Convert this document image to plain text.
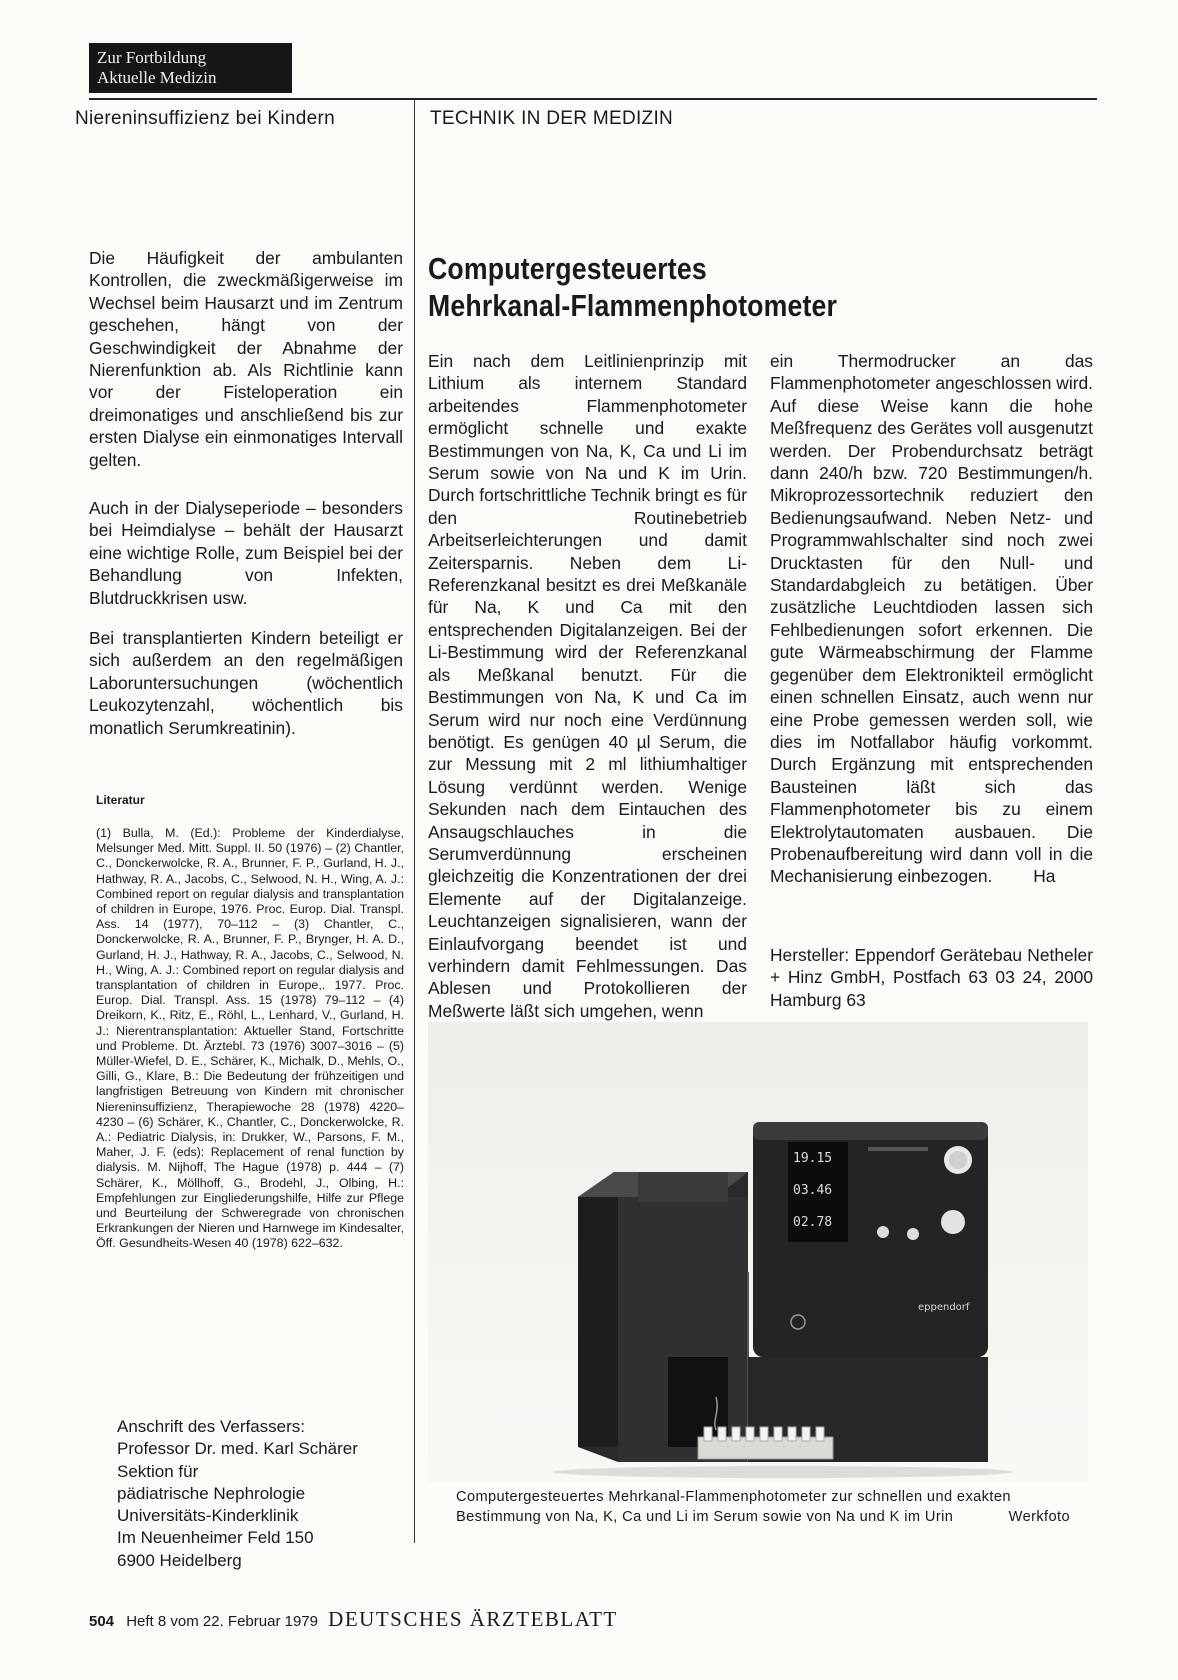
Zur Fortbildung
Aktuelle Medizin
Niereninsuffizienz bei Kindern	TECHNIK IN DER MEDIZIN
Die Häufigkeit der ambulanten Kontrollen, die zweckmäßigerweise im Wechsel beim Hausarzt und im Zentrum geschehen, hängt von der Geschwindigkeit der Abnahme der Nierenfunktion ab. Als Richtlinie kann vor der Fisteloperation ein dreimonatiges und anschließend bis zur ersten Dialyse ein einmonatiges Intervall gelten.
Auch in der Dialyseperiode – besonders bei Heimdialyse – behält der Hausarzt eine wichtige Rolle, zum Beispiel bei der Behandlung von Infekten, Blutdruckkrisen usw.
Bei transplantierten Kindern beteiligt er sich außerdem an den regelmäßigen Laboruntersuchungen (wöchentlich Leukozytenzahl, wöchentlich bis monatlich Serumkreatinin).
Literatur
(1) Bulla, M. (Ed.): Probleme der Kinderdialyse, Melsunger Med. Mitt. Suppl. II. 50 (1976) – (2) Chantler, C., Donckerwolcke, R. A., Brunner, F. P., Gurland, H. J., Hathway, R. A., Jacobs, C., Selwood, N. H., Wing, A. J.: Combined report on regular dialysis and transplantation of children in Europe, 1976. Proc. Europ. Dial. Transpl. Ass. 14 (1977), 70–112 – (3) Chantler, C., Donckerwolcke, R. A., Brunner, F. P., Brynger, H. A. D., Gurland, H. J., Hathway, R. A., Jacobs, C., Selwood, N. H., Wing, A. J.: Combined report on regular dialysis and transplantation of children in Europe,. 1977. Proc. Europ. Dial. Transpl. Ass. 15 (1978) 79–112 – (4) Dreikorn, K., Ritz, E., Röhl, L., Lenhard, V., Gurland, H. J.: Nierentransplantation: Aktueller Stand, Fortschritte und Probleme. Dt. Ärztebl. 73 (1976) 3007–3016 – (5) Müller-Wiefel, D. E., Schärer, K., Michalk, D., Mehls, O., Gilli, G., Klare, B.: Die Bedeutung der frühzeitigen und langfristigen Betreuung von Kindern mit chronischer Niereninsuffizienz, Therapiewoche 28 (1978) 4220–4230 – (6) Schärer, K., Chantler, C., Donckerwolcke, R. A.: Pediatric Dialysis, in: Drukker, W., Parsons, F. M., Maher, J. F. (eds): Replacement of renal function by dialysis. M. Nijhoff, The Hague (1978) p. 444 – (7) Schärer, K., Möllhoff, G., Brodehl, J., Olbing, H.: Empfehlungen zur Eingliederungshilfe, Hilfe zur Pflege und Beurteilung der Schweregrade von chronischen Erkrankungen der Nieren und Harnwege im Kindesalter, Öff. Gesundheits-Wesen 40 (1978) 622–632.
Anschrift des Verfassers:
Professor Dr. med. Karl Schärer
Sektion für
pädiatrische Nephrologie
Universitäts-Kinderklinik
Im Neuenheimer Feld 150
6900 Heidelberg
Computergesteuertes
Mehrkanal-Flammenphotometer
Ein nach dem Leitlinienprinzip mit Lithium als internem Standard arbeitendes Flammenphotometer ermöglicht schnelle und exakte Bestimmungen von Na, K, Ca und Li im Serum sowie von Na und K im Urin. Durch fortschrittliche Technik bringt es für den Routinebetrieb Arbeitserleichterungen und damit Zeitersparnis. Neben dem Li-Referenzkanal besitzt es drei Meßkanäle für Na, K und Ca mit den entsprechenden Digitalanzeigen. Bei der Li-Bestimmung wird der Referenzkanal als Meßkanal benutzt. Für die Bestimmungen von Na, K und Ca im Serum wird nur noch eine Verdünnung benötigt. Es genügen 40 µl Serum, die zur Messung mit 2 ml lithiumhaltiger Lösung verdünnt werden. Wenige Sekunden nach dem Eintauchen des Ansaugschlauches in die Serumverdünnung erscheinen gleichzeitig die Konzentrationen der drei Elemente auf der Digitalanzeige. Leuchtanzeigen signalisieren, wann der Einlaufvorgang beendet ist und verhindern damit Fehlmessungen. Das Ablesen und Protokollieren der Meßwerte läßt sich umgehen, wenn
ein Thermodrucker an das Flammenphotometer angeschlossen wird. Auf diese Weise kann die hohe Meßfrequenz des Gerätes voll ausgenutzt werden. Der Probendurchsatz beträgt dann 240/h bzw. 720 Bestimmungen/h. Mikroprozessortechnik reduziert den Bedienungsaufwand. Neben Netz- und Programmwahlschalter sind noch zwei Drucktasten für den Null- und Standardabgleich zu betätigen. Über zusätzliche Leuchtdioden lassen sich Fehlbedienungen sofort erkennen. Die gute Wärmeabschirmung der Flamme gegenüber dem Elektronikteil ermöglicht einen schnellen Einsatz, auch wenn nur eine Probe gemessen werden soll, wie dies im Notfallabor häufig vorkommt. Durch Ergänzung mit entsprechenden Bausteinen läßt sich das Flammenphotometer bis zu einem Elektrolytautomaten ausbauen. Die Probenaufbereitung wird dann voll in die Mechanisierung einbezogen. Ha
Hersteller: Eppendorf Gerätebau Netheler + Hinz GmbH, Postfach 63 03 24, 2000 Hamburg 63
19.15
03.46
02.78
eppendorf
Computergesteuertes Mehrkanal-Flammenphotometer zur schnellen und exakten Bestimmung von Na, K, Ca und Li im Serum sowie von Na und K im Urin	Werkfoto
504 Heft 8 vom 22. Februar 1979 DEUTSCHES ÄRZTEBLATT
